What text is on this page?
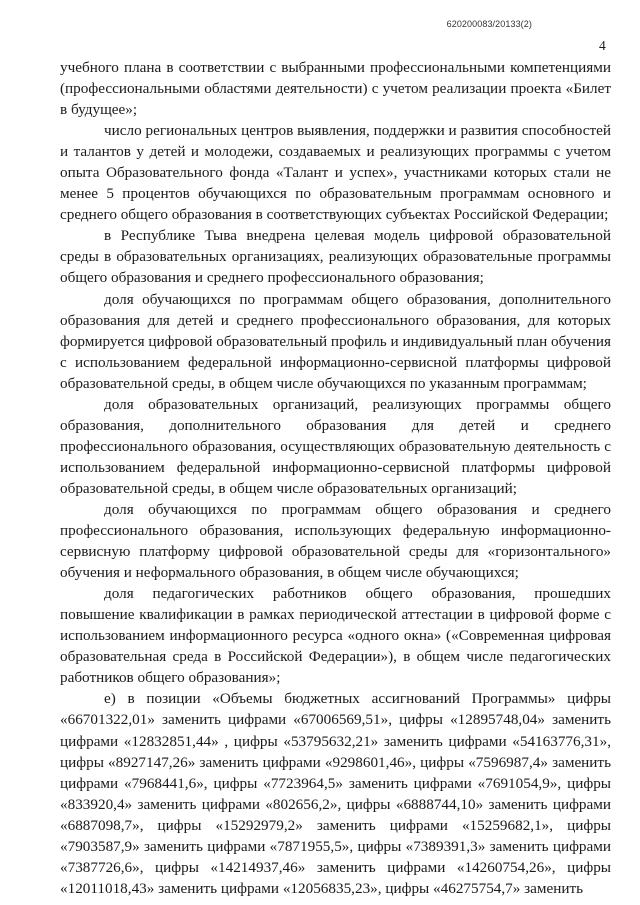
620200083/20133(2)
4

учебного плана в соответствии с выбранными профессиональными компетенциями (профессиональными областями деятельности) с учетом реализации проекта «Билет в будущее»;

число региональных центров выявления, поддержки и развития способностей и талантов у детей и молодежи, создаваемых и реализующих программы с учетом опыта Образовательного фонда «Талант и успех», участниками которых стали не менее 5 процентов обучающихся по образовательным программам основного и среднего общего образования в соответствующих субъектах Российской Федерации;

в Республике Тыва внедрена целевая модель цифровой образовательной среды в образовательных организациях, реализующих образовательные программы общего образования и среднего профессионального образования;

доля обучающихся по программам общего образования, дополнительного образования для детей и среднего профессионального образования, для которых формируется цифровой образовательный профиль и индивидуальный план обучения с использованием федеральной информационно-сервисной платформы цифровой образовательной среды, в общем числе обучающихся по указанным программам;

доля образовательных организаций, реализующих программы общего образования, дополнительного образования для детей и среднего профессионального образования, осуществляющих образовательную деятельность с использованием федеральной информационно-сервисной платформы цифровой образовательной среды, в общем числе образовательных организаций;

доля обучающихся по программам общего образования и среднего профессионального образования, использующих федеральную информационно-сервисную платформу цифровой образовательной среды для «горизонтального» обучения и неформального образования, в общем числе обучающихся;

доля педагогических работников общего образования, прошедших повышение квалификации в рамках периодической аттестации в цифровой форме с использованием информационного ресурса «одного окна» («Современная цифровая образовательная среда в Российской Федерации»), в общем числе педагогических работников общего образования»;

е) в позиции «Объемы бюджетных ассигнований Программы» цифры «66701322,01» заменить цифрами «67006569,51», цифры «12895748,04» заменить цифрами «12832851,44» , цифры «53795632,21» заменить цифрами «54163776,31», цифры «8927147,26» заменить цифрами «9298601,46», цифры «7596987,4» заменить цифрами «7968441,6», цифры «7723964,5» заменить цифрами «7691054,9», цифры «833920,4» заменить цифрами «802656,2», цифры «6888744,10» заменить цифрами «6887098,7», цифры «15292979,2» заменить цифрами «15259682,1», цифры «7903587,9» заменить цифрами «7871955,5», цифры «7389391,3» заменить цифрами «7387726,6», цифры «14214937,46» заменить цифрами «14260754,26», цифры «12011018,43» заменить цифрами «12056835,23», цифры «46275754,7» заменить
